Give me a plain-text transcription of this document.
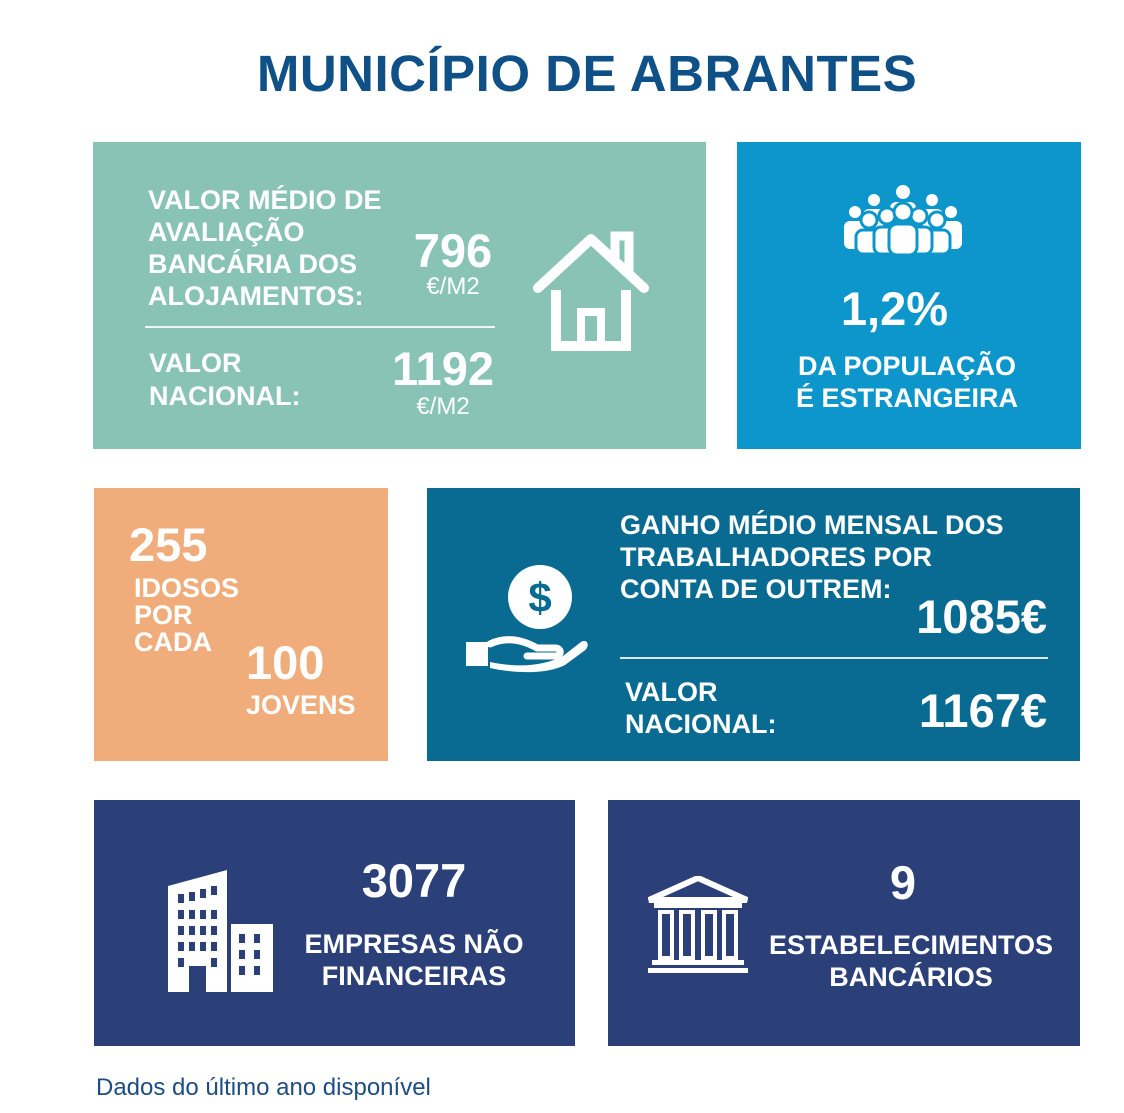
MUNICÍPIO DE ABRANTES
VALOR MÉDIO DE
AVALIAÇÃO
BANCÁRIA DOS
ALOJAMENTOS:
796
€/M2
VALOR
NACIONAL:
1192
€/M2
1,2%
DA POPULAÇÃO
É ESTRANGEIRA
255
IDOSOS
POR
CADA 100
JOVENS
$
GANHO MÉDIO MENSAL DOS
TRABALHADORES POR
CONTA DE OUTREM:
1085€
VALOR
NACIONAL:	1167€
3077
EMPRESAS NÃO
FINANCEIRAS
9
ESTABELECIMENTOS
BANCÁRIOS
Dados do último ano disponível
